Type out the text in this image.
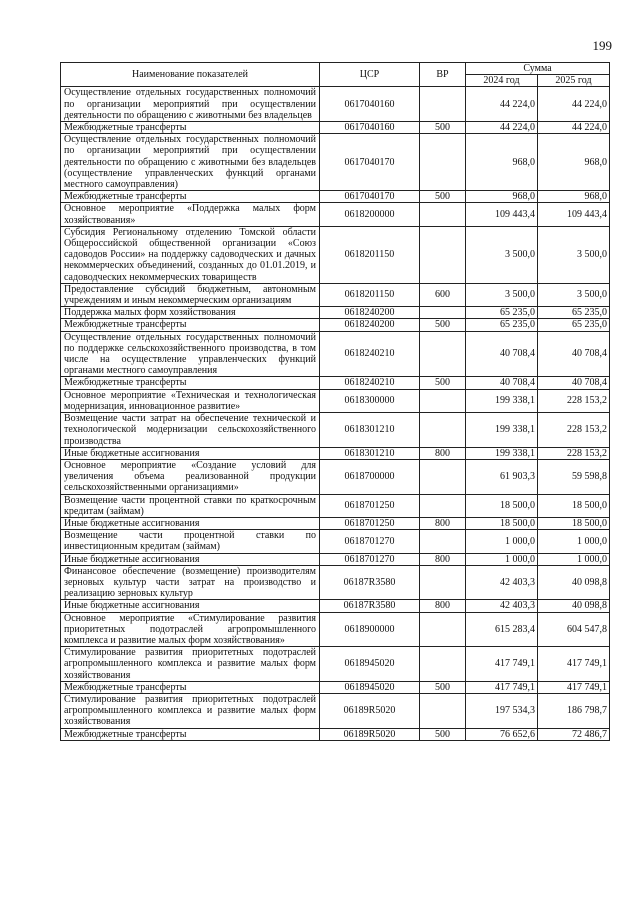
199
Наименование показателей	ЦСР	ВР	Сумма	
			2024 год	2025 год
Осуществление отдельных государственных полномочий по организации мероприятий при осуществлении деятельности по обращению с животными без владельцев	0617040160		44 224,0	44 224,0
Межбюджетные трансферты	0617040160	500	44 224,0	44 224,0
Осуществление отдельных государственных полномочий по организации мероприятий при осуществлении деятельности по обращению с животными без владельцев (осуществление управленческих функций органами местного самоуправления)	0617040170		968,0	968,0
Межбюджетные трансферты	0617040170	500	968,0	968,0
Основное мероприятие «Поддержка малых форм хозяйствования»	0618200000		109 443,4	109 443,4
Субсидия Региональному отделению Томской области Общероссийской общественной организации «Союз садоводов России» на поддержку садоводческих и дачных некоммерческих объединений, созданных до 01.01.2019, и садоводческих некоммерческих товариществ	0618201150		3 500,0	3 500,0
Предоставление субсидий бюджетным, автономным учреждениям и иным некоммерческим организациям	0618201150	600	3 500,0	3 500,0
Поддержка малых форм хозяйствования	0618240200		65 235,0	65 235,0
Межбюджетные трансферты	0618240200	500	65 235,0	65 235,0
Осуществление отдельных государственных полномочий по поддержке сельскохозяйственного производства, в том числе на осуществление управленческих функций органами местного самоуправления	0618240210		40 708,4	40 708,4
Межбюджетные трансферты	0618240210	500	40 708,4	40 708,4
Основное мероприятие «Техническая и технологическая модернизация, инновационное развитие»	0618300000		199 338,1	228 153,2
Возмещение части затрат на обеспечение технической и технологической модернизации сельскохозяйственного производства	0618301210		199 338,1	228 153,2
Иные бюджетные ассигнования	0618301210	800	199 338,1	228 153,2
Основное мероприятие «Создание условий для увеличения объема реализованной продукции сельскохозяйственными организациями»	0618700000		61 903,3	59 598,8
Возмещение части процентной ставки по краткосрочным кредитам (займам)	0618701250		18 500,0	18 500,0
Иные бюджетные ассигнования	0618701250	800	18 500,0	18 500,0
Возмещение части процентной ставки по инвестиционным кредитам (займам)	0618701270		1 000,0	1 000,0
Иные бюджетные ассигнования	0618701270	800	1 000,0	1 000,0
Финансовое обеспечение (возмещение) производителям зерновых культур части затрат на производство и реализацию зерновых культур	06187R3580		42 403,3	40 098,8
Иные бюджетные ассигнования	06187R3580	800	42 403,3	40 098,8
Основное мероприятие «Стимулирование развития приоритетных подотраслей агропромышленного комплекса и развитие малых форм хозяйствования»	0618900000		615 283,4	604 547,8
Стимулирование развития приоритетных подотраслей агропромышленного комплекса и развитие малых форм хозяйствования	0618945020		417 749,1	417 749,1
Межбюджетные трансферты	0618945020	500	417 749,1	417 749,1
Стимулирование развития приоритетных подотраслей агропромышленного комплекса и развитие малых форм хозяйствования	06189R5020		197 534,3	186 798,7
Межбюджетные трансферты	06189R5020	500	76 652,6	72 486,7
